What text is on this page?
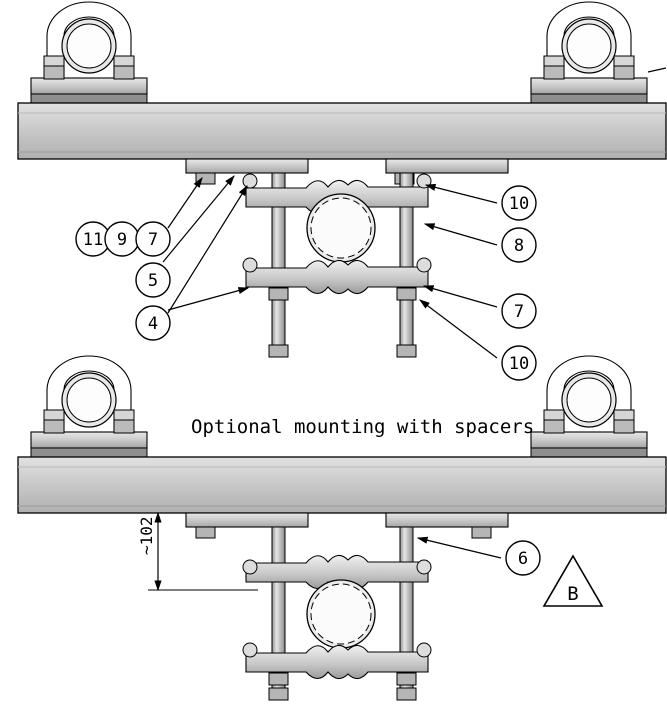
11 9 7
5
4
10
8
7
10
Optional mounting with spacers
~102
6
B
